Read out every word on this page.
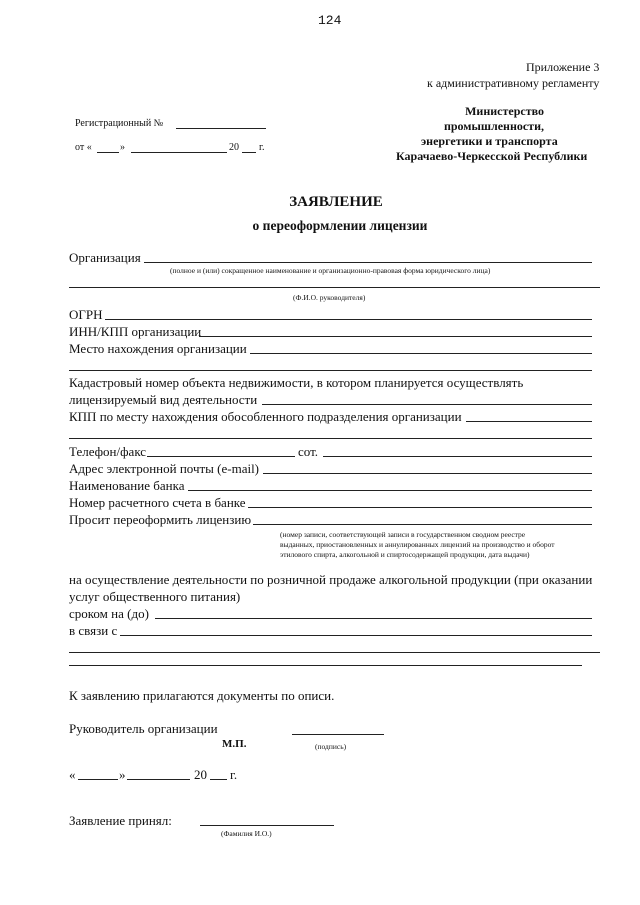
124
Приложение 3
к административному регламенту
Министерство
промышленности,
энергетики и транспорта
Карачаево-Черкесской Республики
Регистрационный №
от «	»	20 г.
ЗАЯВЛЕНИЕ
о переоформлении лицензии
Организация
(полное и (или) сокращенное наименование и организационно-правовая форма юридического лица)
(Ф.И.О. руководителя)
ОГРН
ИНН/КПП организации
Место нахождения организации
Кадастровый номер объекта недвижимости, в котором планируется осуществлять
лицензируемый вид деятельности
КПП по месту нахождения обособленного подразделения организации
Телефон/факс	сот.
Адрес электронной почты (e-mail)
Наименование банка
Номер расчетного счета в банке
Просит переоформить лицензию
(номер записи, соответствующей записи в государственном сводном реестре
выданных, приостановленных и аннулированных лицензий на производство и оборот
этилового спирта, алкогольной и спиртосодержащей продукции, дата выдачи)
на осуществление деятельности по розничной продаже алкогольной продукции (при оказании
услуг общественного питания)
сроком на (до)
в связи с
К заявлению прилагаются документы по описи.
Руководитель организации
М.П.	(подпись)
«	»	20 г.
Заявление принял:
(Фамилия И.О.)
